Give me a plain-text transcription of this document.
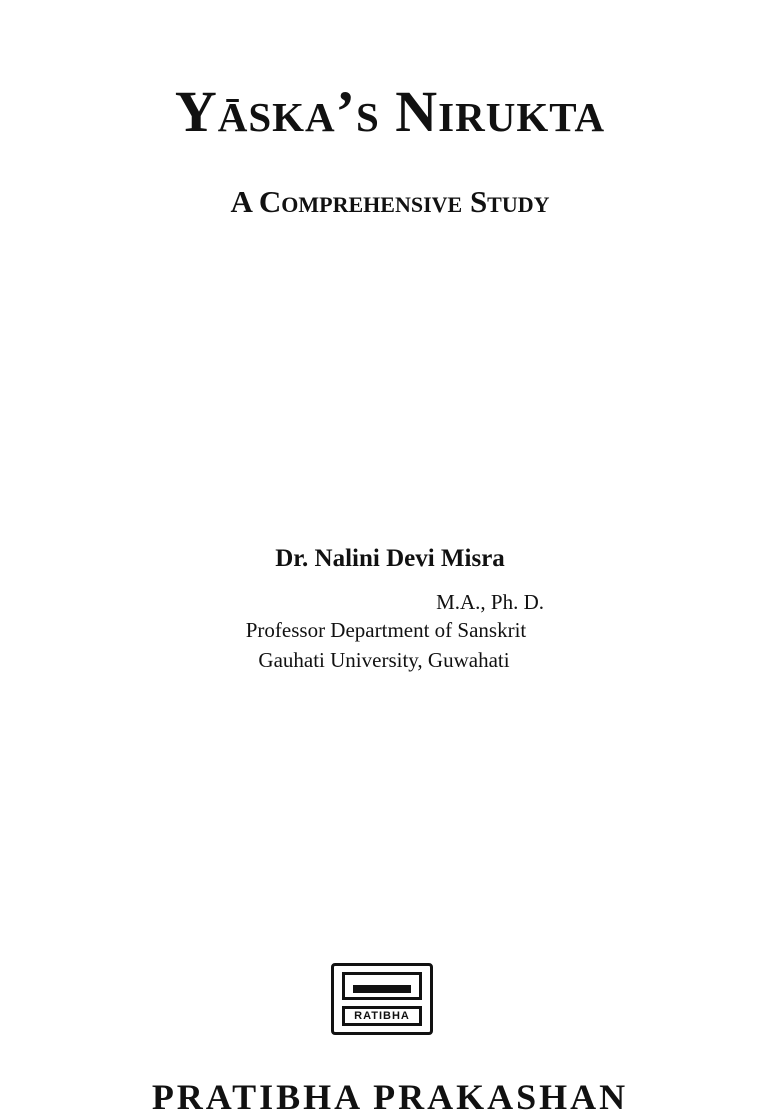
Yāska’s Nirukta
A Comprehensive Study
Dr. Nalini Devi Misra
M.A., Ph. D.
Professor Department of Sanskrit
Gauhati University, Guwahati
RATIBHA
PRATIBHA PRAKASHAN
